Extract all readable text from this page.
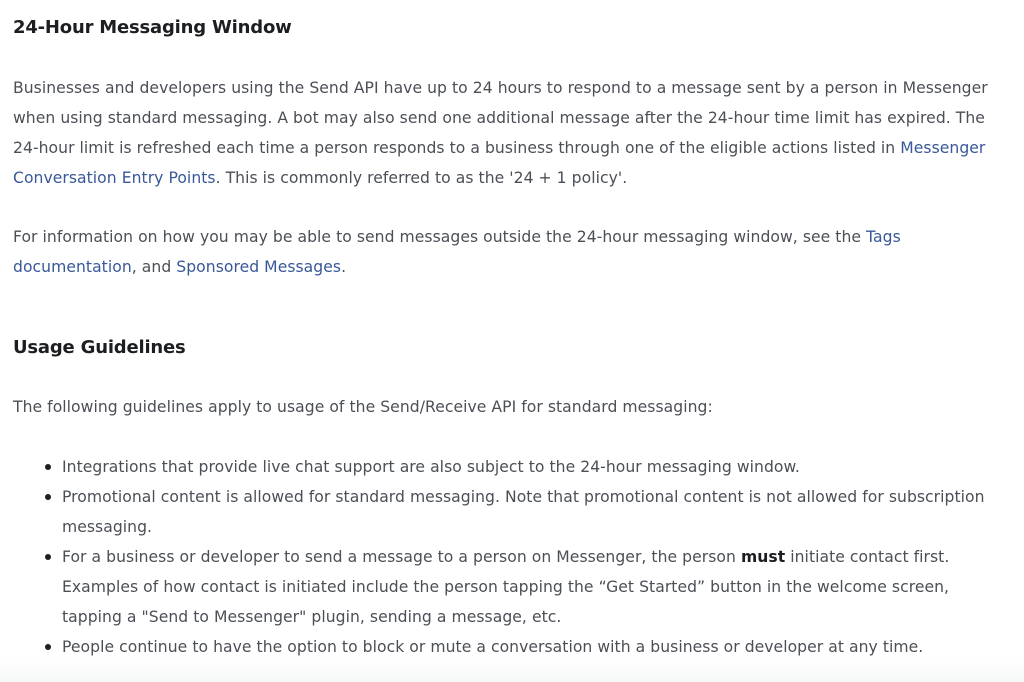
24-Hour Messaging Window

Businesses and developers using the Send API have up to 24 hours to respond to a message sent by a person in Messenger when using standard messaging. A bot may also send one additional message after the 24-hour time limit has expired. The 24-hour limit is refreshed each time a person responds to a business through one of the eligible actions listed in Messenger Conversation Entry Points. This is commonly referred to as the '24 + 1 policy'.

For information on how you may be able to send messages outside the 24-hour messaging window, see the Tags documentation, and Sponsored Messages.

Usage Guidelines

The following guidelines apply to usage of the Send/Receive API for standard messaging:

Integrations that provide live chat support are also subject to the 24-hour messaging window.
Promotional content is allowed for standard messaging. Note that promotional content is not allowed for subscription messaging.
For a business or developer to send a message to a person on Messenger, the person must initiate contact first. Examples of how contact is initiated include the person tapping the “Get Started” button in the welcome screen, tapping a "Send to Messenger" plugin, sending a message, etc.
People continue to have the option to block or mute a conversation with a business or developer at any time.
